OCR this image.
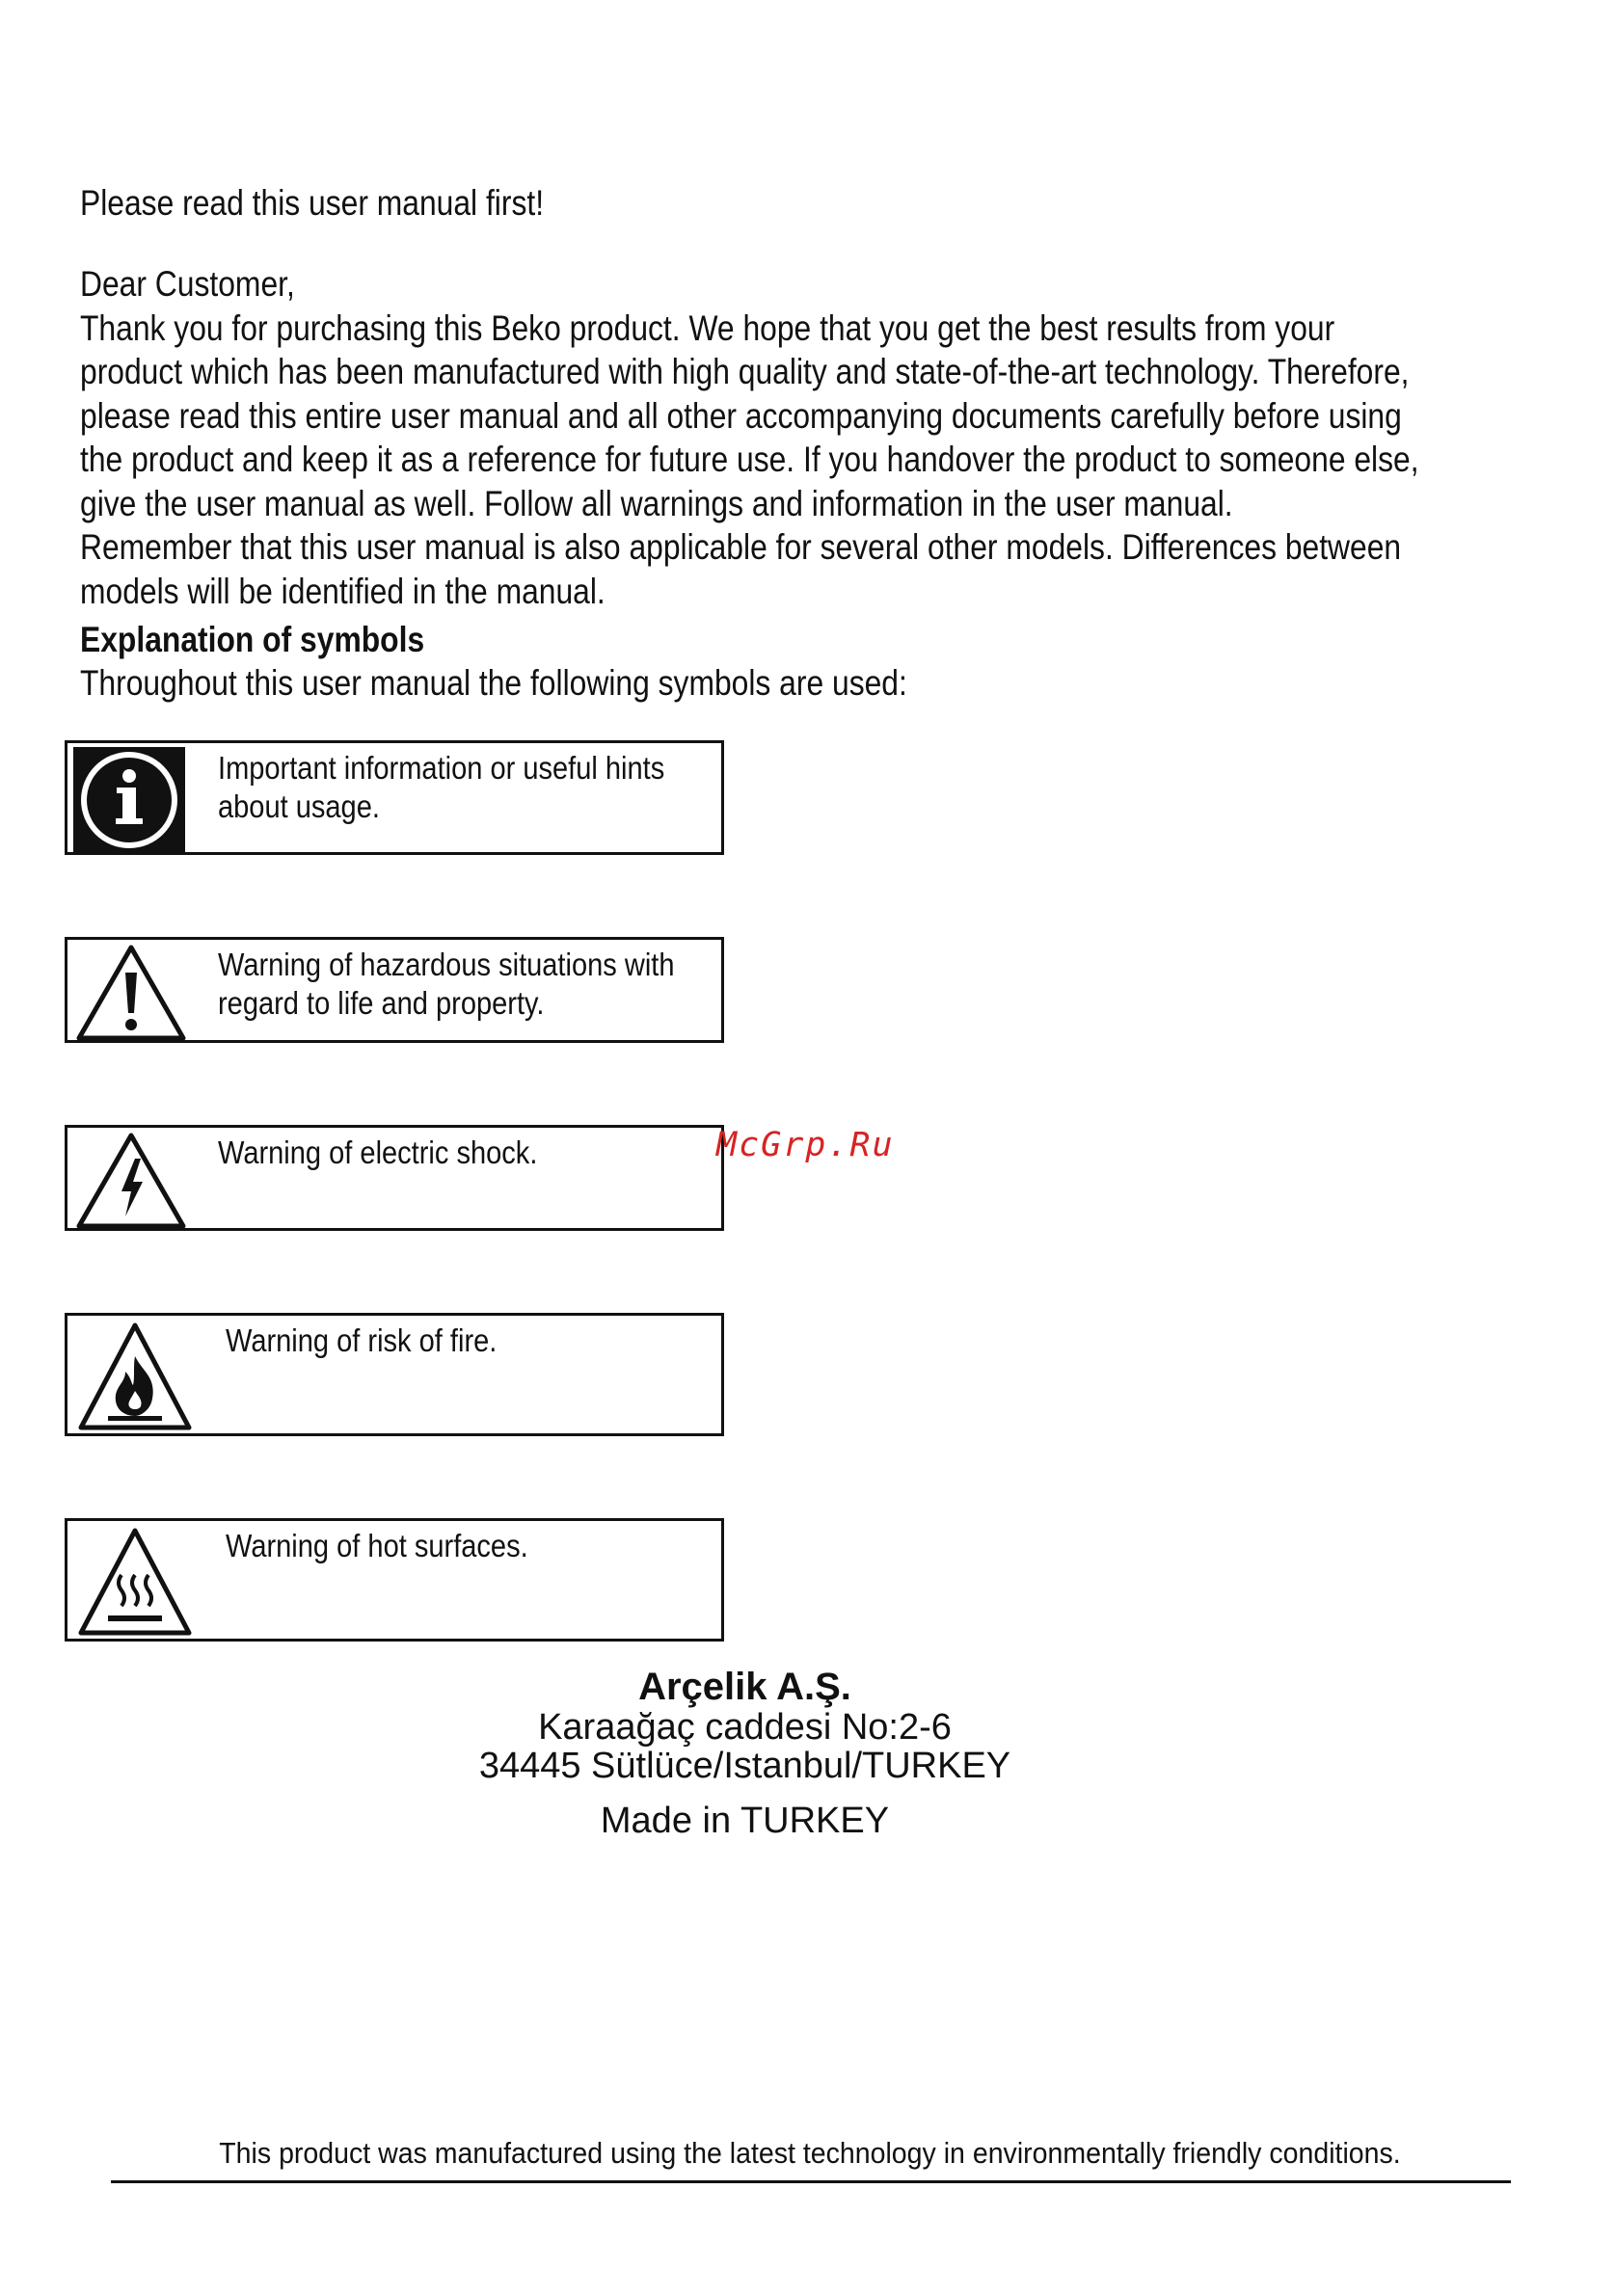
Please read this user manual first!

Dear Customer,

Thank you for purchasing this Beko product. We hope that you get the best results from your product which has been manufactured with high quality and state-of-the-art technology. Therefore, please read this entire user manual and all other accompanying documents carefully before using the product and keep it as a reference for future use. If you handover the product to someone else, give the user manual as well. Follow all warnings and information in the user manual.

Remember that this user manual is also applicable for several other models. Differences between models will be identified in the manual.

Explanation of symbols
Throughout this user manual the following symbols are used:
Important information or useful hints about usage.
Warning of hazardous situations with regard to life and property.
Warning of electric shock.
Warning of risk of fire.
Warning of hot surfaces.
McGrp.Ru
Arçelik A.Ş.
Karaağaç caddesi No:2-6
34445 Sütlüce/Istanbul/TURKEY
Made in TURKEY
This product was manufactured using the latest technology in environmentally friendly conditions.
